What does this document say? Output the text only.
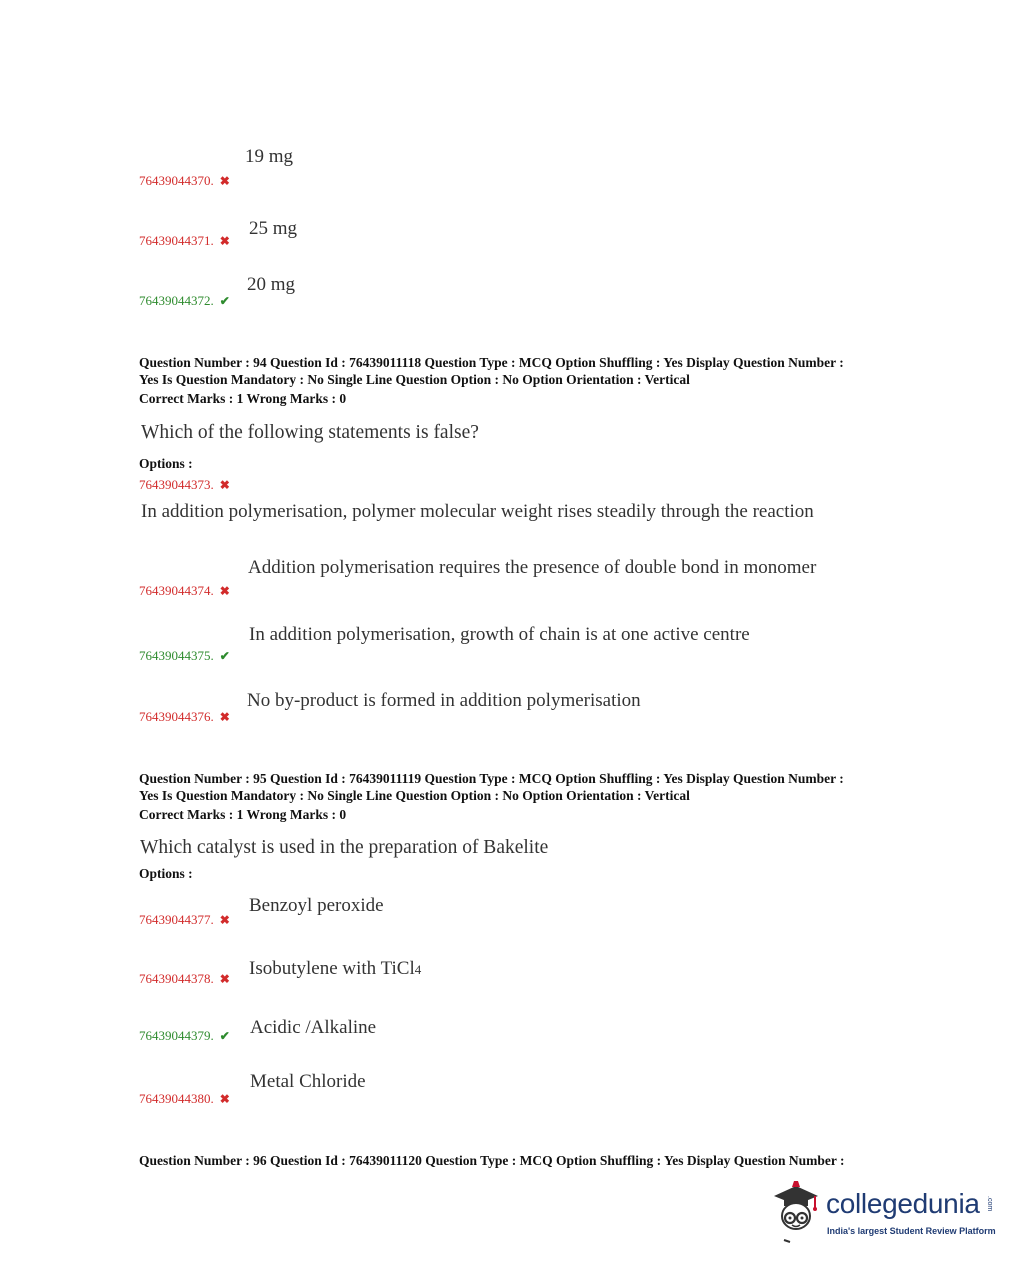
19 mg
76439044370. ✖
25 mg
76439044371. ✖
20 mg
76439044372. ✔
Question Number : 94 Question Id : 76439011118 Question Type : MCQ Option Shuffling : Yes Display Question Number :
Yes Is Question Mandatory : No Single Line Question Option : No Option Orientation : Vertical
Correct Marks : 1 Wrong Marks : 0
Which of the following statements is false?
Options :
76439044373. ✖
In addition polymerisation, polymer molecular weight rises steadily through the reaction
Addition polymerisation requires the presence of double bond in monomer
76439044374. ✖
In addition polymerisation, growth of chain is at one active centre
76439044375. ✔
No by-product is formed in addition polymerisation
76439044376. ✖
Question Number : 95 Question Id : 76439011119 Question Type : MCQ Option Shuffling : Yes Display Question Number :
Yes Is Question Mandatory : No Single Line Question Option : No Option Orientation : Vertical
Correct Marks : 1 Wrong Marks : 0
Which catalyst is used in the preparation of Bakelite
Options :
Benzoyl peroxide
76439044377. ✖
Isobutylene with TiCl4
76439044378. ✖
Acidic /Alkaline
76439044379. ✔
Metal Chloride
76439044380. ✖
Question Number : 96 Question Id : 76439011120 Question Type : MCQ Option Shuffling : Yes Display Question Number :
collegedunia .com
India's largest Student Review Platform
